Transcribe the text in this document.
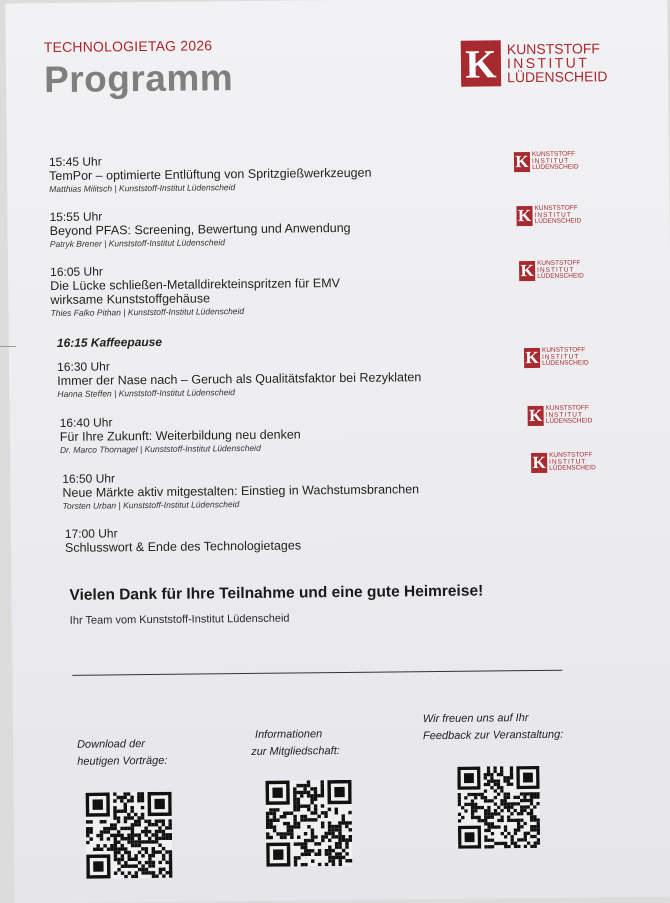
TECHNOLOGIETAG 2026
Programm	K KUNSTSTOFF
INSTITUT
LÜDENSCHEID
15:45 Uhr
TemPor – optimierte Entlüftung von Spritzgießwerkzeugen
Matthias Militsch | Kunststoff-Institut Lüdenscheid
K KUNSTSTOFF
INSTITUT
LÜDENSCHEID
15:55 Uhr
Beyond PFAS: Screening, Bewertung und Anwendung
Patryk Brener | Kunststoff-Institut Lüdenscheid
K KUNSTSTOFF
INSTITUT
LÜDENSCHEID
16:05 Uhr
Die Lücke schließen-Metalldirekteinspritzen für EMV
wirksame Kunststoffgehäuse
Thies Falko Pithan | Kunststoff-Institut Lüdenscheid
K KUNSTSTOFF
INSTITUT
LÜDENSCHEID
16:15 Kaffeepause
16:30 Uhr
Immer der Nase nach – Geruch als Qualitätsfaktor bei Rezyklaten
Hanna Steffen | Kunststoff-Institut Lüdenscheid
K KUNSTSTOFF
INSTITUT
LÜDENSCHEID
16:40 Uhr
Für Ihre Zukunft: Weiterbildung neu denken
Dr. Marco Thornagel | Kunststoff-Institut Lüdenscheid
K KUNSTSTOFF
INSTITUT
LÜDENSCHEID
16:50 Uhr
Neue Märkte aktiv mitgestalten: Einstieg in Wachstumsbranchen
Torsten Urban | Kunststoff-Institut Lüdenscheid
K KUNSTSTOFF
INSTITUT
LÜDENSCHEID
17:00 Uhr
Schlusswort & Ende des Technologietages
Vielen Dank für Ihre Teilnahme und eine gute Heimreise!
Ihr Team vom Kunststoff-Institut Lüdenscheid
Download der
heutigen Vorträge:
Informationen
zur Mitgliedschaft:
Wir freuen uns auf Ihr
Feedback zur Veranstaltung:
